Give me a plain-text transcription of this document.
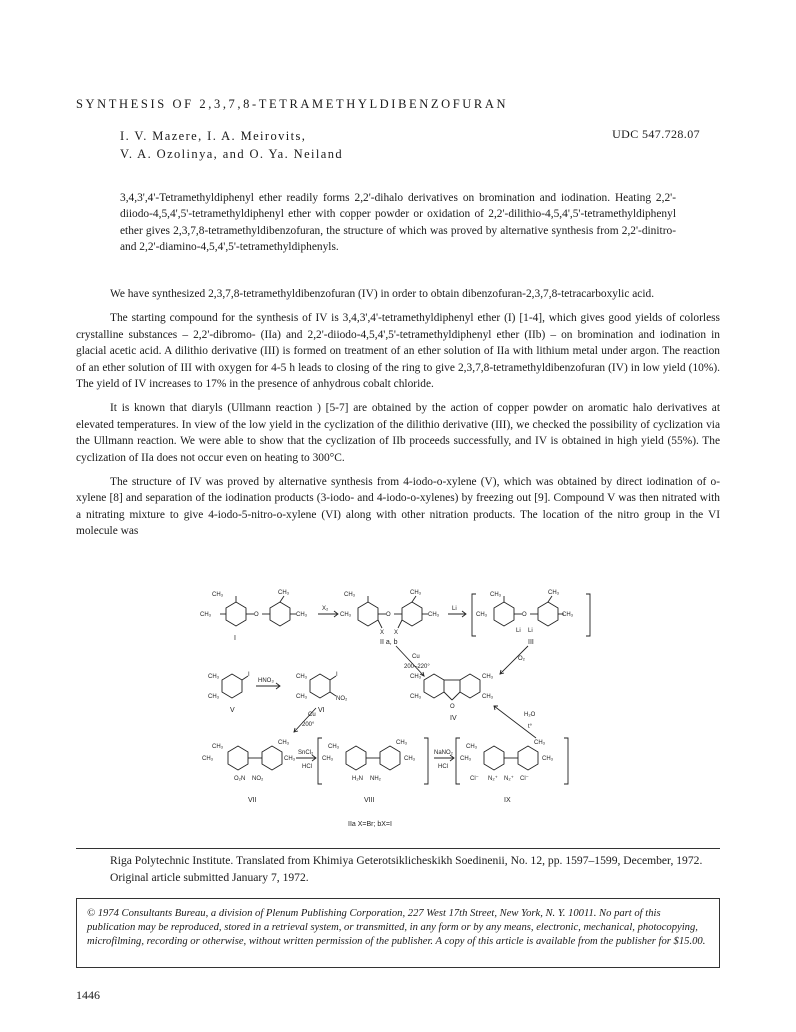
SYNTHESIS OF 2,3,7,8-TETRAMETHYLDIBENZOFURAN
I. V. Mazere, I. A. Meirovits,
V. A. Ozolinya, and O. Ya. Neiland
UDC 547.728.07
3,4,3',4'-Tetramethyldiphenyl ether readily forms 2,2'-dihalo derivatives on bromination and iodination. Heating 2,2'-diiodo-4,5,4',5'-tetramethyldiphenyl ether with copper powder or oxidation of 2,2'-dilithio-4,5,4',5'-tetramethyldiphenyl ether gives 2,3,7,8-tetramethyldibenzofuran, the structure of which was proved by alternative synthesis from 2,2'-dinitro- and 2,2'-diamino-4,5,4',5'-tetramethyldiphenyls.

We have synthesized 2,3,7,8-tetramethyldibenzofuran (IV) in order to obtain dibenzofuran-2,3,7,8-tetracarboxylic acid.

The starting compound for the synthesis of IV is 3,4,3',4'-tetramethyldiphenyl ether (I) [1-4], which gives good yields of colorless crystalline substances – 2,2'-dibromo- (IIa) and 2,2'-diiodo-4,5,4',5'-tetramethyldiphenyl ether (IIb) – on bromination and iodination in glacial acetic acid. A dilithio derivative (III) is formed on treatment of an ether solution of IIa with lithium metal under argon. The reaction of an ether solution of III with oxygen for 4-5 h leads to closing of the ring to give 2,3,7,8-tetramethyldibenzofuran (IV) in low yield (10%). The yield of IV increases to 17% in the presence of anhydrous cobalt chloride.

It is known that diaryls (Ullmann reaction ) [5-7] are obtained by the action of copper powder on aromatic halo derivatives at elevated temperatures. In view of the low yield in the cyclization of the dilithio derivative (III), we checked the possibility of cyclization via the Ullmann reaction. We were able to show that the cyclization of IIb proceeds successfully, and IV is obtained in high yield (55%). The cyclization of IIa does not occur even on heating to 300°C.

The structure of IV was proved by alternative synthesis from 4-iodo-o-xylene (V), which was obtained by direct iodination of o-xylene [8] and separation of the iodination products (3-iodo- and 4-iodo-o-xylenes) by freezing out [9]. Compound V was then nitrated with a nitrating mixture to give 4-iodo-5-nitro-o-xylene (VI) along with other nitration products. The location of the nitro group in the VI molecule was

CH₃
CH₃	O
CH₃
CH₃
I
X₂
CH₃
CH₃	O
CH₃
CH₃
X X
II a, b
Li
CH₃
CH₃	O
CH₃
CH₃
Li Li
III
Cu
200–220°
O₂
CH₃
CH₃
I
V
HNO₃
CH₃
CH₃
I
NO₂
VI
CH₃
CH₃
CH₃
CH₃
O
IV	H₂O
t°
Cu
200°
CH₃
CH₃
CH₃
CH₃
O₂N NO₂
VII
SnCl₂
HCl
CH₃
CH₃
CH₃
CH₃
H₂N NH₂
VIII
NaNO₂
HCl
CH₃
CH₃
CH₃
CH₃
Cl⁻ N₂⁺ N₂⁺ Cl⁻
IX
IIa X=Br; bX=I
Riga Polytechnic Institute. Translated from Khimiya Geterotsiklicheskikh Soedinenii, No. 12, pp. 1597–1599, December, 1972. Original article submitted January 7, 1972.
© 1974 Consultants Bureau, a division of Plenum Publishing Corporation, 227 West 17th Street, New York, N. Y. 10011. No part of this publication may be reproduced, stored in a retrieval system, or transmitted, in any form or by any means, electronic, mechanical, photocopying, microfilming, recording or otherwise, without written permission of the publisher. A copy of this article is available from the publisher for $15.00.
1446
